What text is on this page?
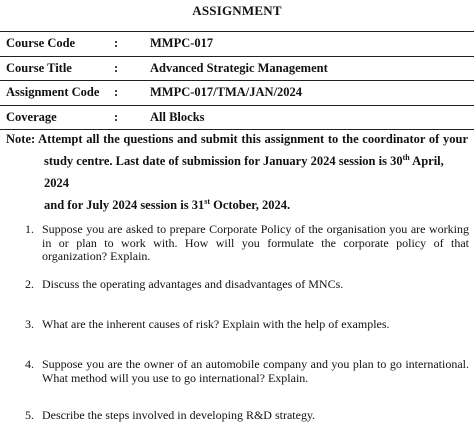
ASSIGNMENT
Course Code	:	MMPC-017
Course Title	:	Advanced Strategic Management
Assignment Code :	MMPC-017/TMA/JAN/2024
Coverage	:	All Blocks
Note: Attempt all the questions and submit this assignment to the coordinator of your
study centre. Last date of submission for January 2024 session is 30th April, 2024
and for July 2024 session is 31st October, 2024.
1. Suppose you are asked to prepare Corporate Policy of the organisation you are working in or plan to work with. How will you formulate the corporate policy of that organization? Explain.
2. Discuss the operating advantages and disadvantages of MNCs.
3. What are the inherent causes of risk? Explain with the help of examples.
4. Suppose you are the owner of an automobile company and you plan to go international. What method will you use to go international? Explain.
5. Describe the steps involved in developing R&D strategy.
